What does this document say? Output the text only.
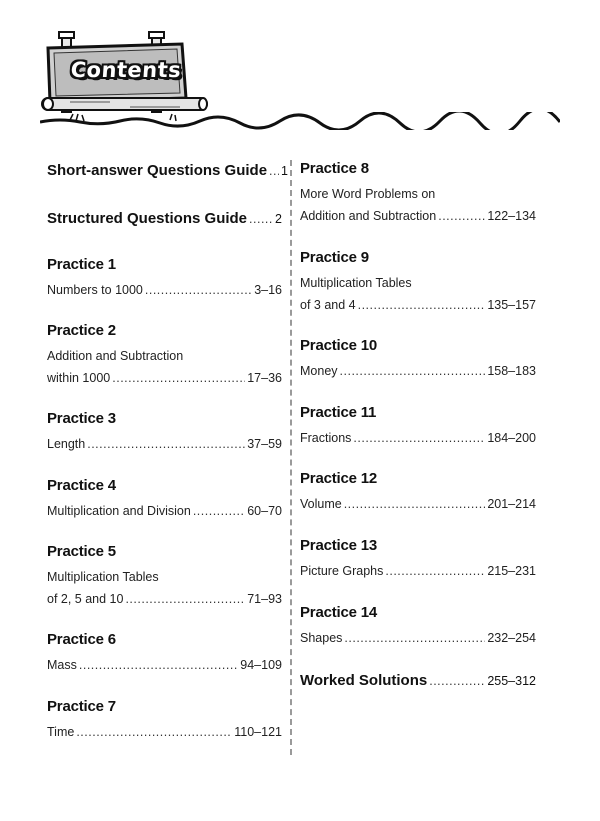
Contents
Short-answer Questions Guide ..... 1
Structured Questions Guide ..... 2
Practice 1
Numbers to 1000 .....	3–16
Practice 2
Addition and Subtraction
within 1000 .....	17–36
Practice 3
Length .....	37–59
Practice 4
Multiplication and Division .....	60–70
Practice 5
Multiplication Tables
of 2, 5 and 10 .....	71–93
Practice 6
Mass .....	94–109
Practice 7
Time .....	110–121
Practice 8
More Word Problems on
Addition and Subtraction .....	122–134
Practice 9
Multiplication Tables
of 3 and 4 .....	135–157
Practice 10
Money .....	158–183
Practice 11
Fractions .....	184–200
Practice 12
Volume .....	201–214
Practice 13
Picture Graphs .....	215–231
Practice 14
Shapes .....	232–254
Worked Solutions .....	255–312
